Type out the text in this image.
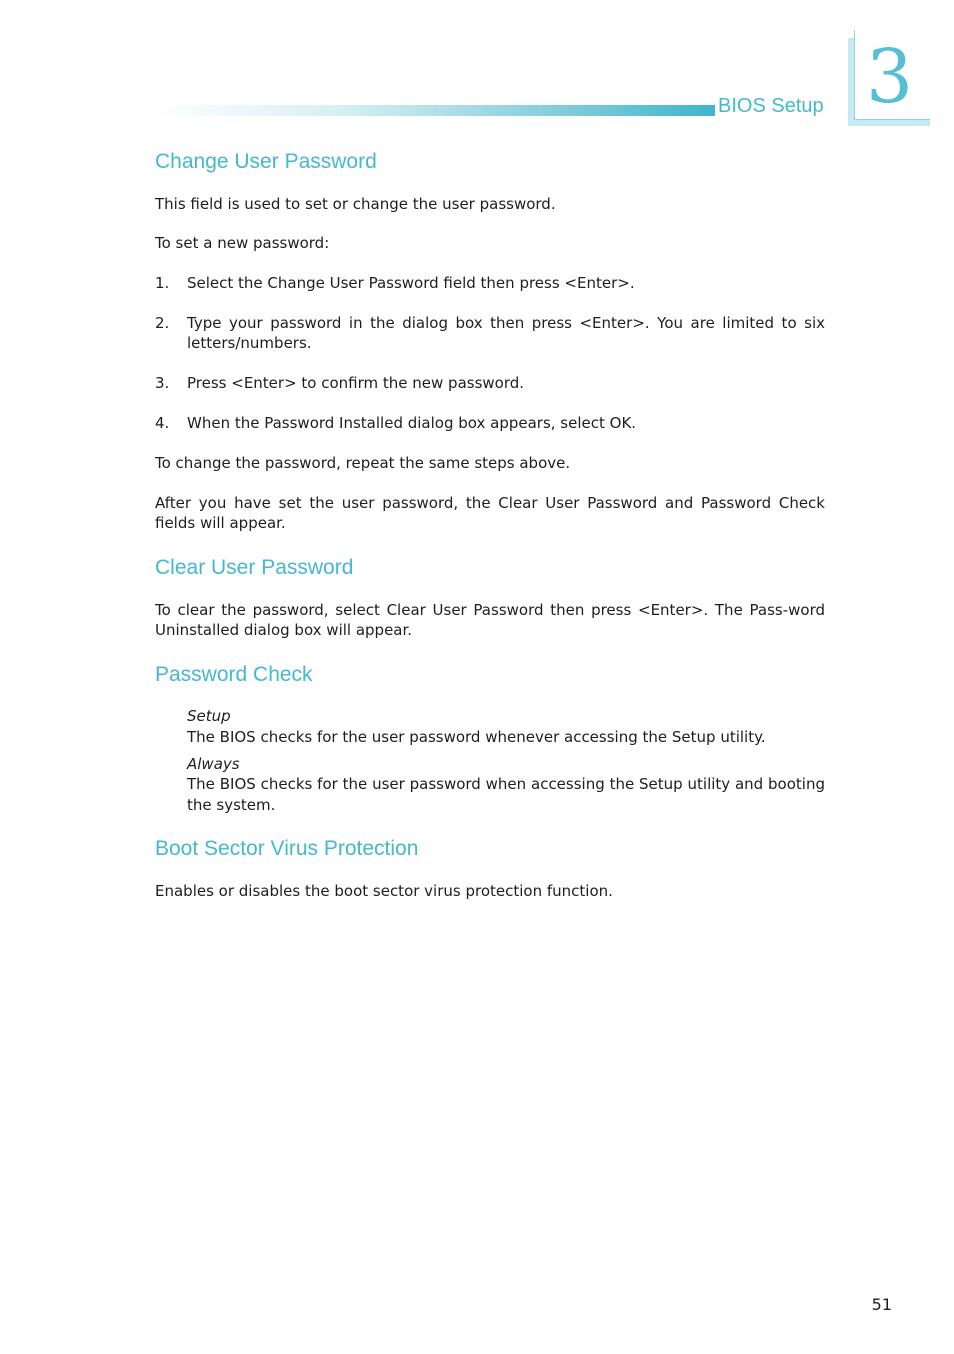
BIOS Setup 3
Change User Password
This field is used to set or change the user password.
To set a new password:
1. Select the Change User Password field then press <Enter>.
2. Type your password in the dialog box then press <Enter>. You are limited to six letters/numbers.
3. Press <Enter> to confirm the new password.
4. When the Password Installed dialog box appears, select OK.
To change the password, repeat the same steps above.
After you have set the user password, the Clear User Password and Password Check fields will appear.
Clear User Password
To clear the password, select Clear User Password then press <Enter>. The Pass-word Uninstalled dialog box will appear.
Password Check
Setup
The BIOS checks for the user password whenever accessing the Setup utility.
Always
The BIOS checks for the user password when accessing the Setup utility and booting the system.
Boot Sector Virus Protection
Enables or disables the boot sector virus protection function.
51
